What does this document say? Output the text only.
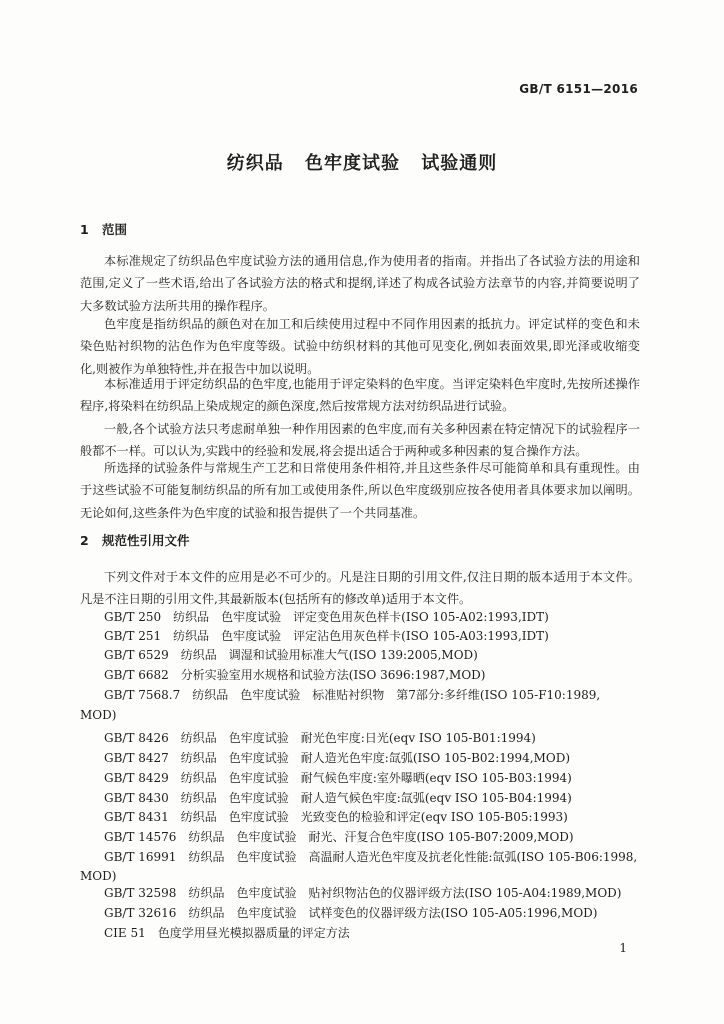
GB/T 6151—2016
纺织品 色牢度试验 试验通则
1 范围

本标准规定了纺织品色牢度试验方法的通用信息,作为使用者的指南。并指出了各试验方法的用途和范围,定义了一些术语,给出了各试验方法的格式和提纲,详述了构成各试验方法章节的内容,并简要说明了大多数试验方法所共用的操作程序。

色牢度是指纺织品的颜色对在加工和后续使用过程中不同作用因素的抵抗力。评定试样的变色和未染色贴衬织物的沾色作为色牢度等级。试验中纺织材料的其他可见变化,例如表面效果,即光泽或收缩变化,则被作为单独特性,并在报告中加以说明。

本标准适用于评定纺织品的色牢度,也能用于评定染料的色牢度。当评定染料色牢度时,先按所述操作程序,将染料在纺织品上染成规定的颜色深度,然后按常规方法对纺织品进行试验。

一般,各个试验方法只考虑耐单独一种作用因素的色牢度,而有关多种因素在特定情况下的试验程序一般都不一样。可以认为,实践中的经验和发展,将会提出适合于两种或多种因素的复合操作方法。

所选择的试验条件与常规生产工艺和日常使用条件相符,并且这些条件尽可能简单和具有重现性。由于这些试验不可能复制纺织品的所有加工或使用条件,所以色牢度级别应按各使用者具体要求加以阐明。无论如何,这些条件为色牢度的试验和报告提供了一个共同基准。

2 规范性引用文件

下列文件对于本文件的应用是必不可少的。凡是注日期的引用文件,仅注日期的版本适用于本文件。凡是不注日期的引用文件,其最新版本(包括所有的修改单)适用于本文件。

GB/T 250　纺织品　色牢度试验　评定变色用灰色样卡(ISO 105-A02:1993,IDT)

GB/T 251　纺织品　色牢度试验　评定沾色用灰色样卡(ISO 105-A03:1993,IDT)

GB/T 6529　纺织品　调湿和试验用标准大气(ISO 139:2005,MOD)

GB/T 6682　分析实验室用水规格和试验方法(ISO 3696:1987,MOD)

GB/T 7568.7　纺织品　色牢度试验　标准贴衬织物　第7部分:多纤维(ISO 105-F10:1989,

MOD)

GB/T 8426　纺织品　色牢度试验　耐光色牢度:日光(eqv ISO 105-B01:1994)

GB/T 8427　纺织品　色牢度试验　耐人造光色牢度:氙弧(ISO 105-B02:1994,MOD)

GB/T 8429　纺织品　色牢度试验　耐气候色牢度:室外曝晒(eqv ISO 105-B03:1994)

GB/T 8430　纺织品　色牢度试验　耐人造气候色牢度:氙弧(eqv ISO 105-B04:1994)

GB/T 8431　纺织品　色牢度试验　光致变色的检验和评定(eqv ISO 105-B05:1993)

GB/T 14576　纺织品　色牢度试验　耐光、汗复合色牢度(ISO 105-B07:2009,MOD)

GB/T 16991　纺织品　色牢度试验　高温耐人造光色牢度及抗老化性能:氙弧(ISO 105-B06:1998,

MOD)

GB/T 32598　纺织品　色牢度试验　贴衬织物沾色的仪器评级方法(ISO 105-A04:1989,MOD)

GB/T 32616　纺织品　色牢度试验　试样变色的仪器评级方法(ISO 105-A05:1996,MOD)

CIE 51　色度学用昼光模拟器质量的评定方法

1
